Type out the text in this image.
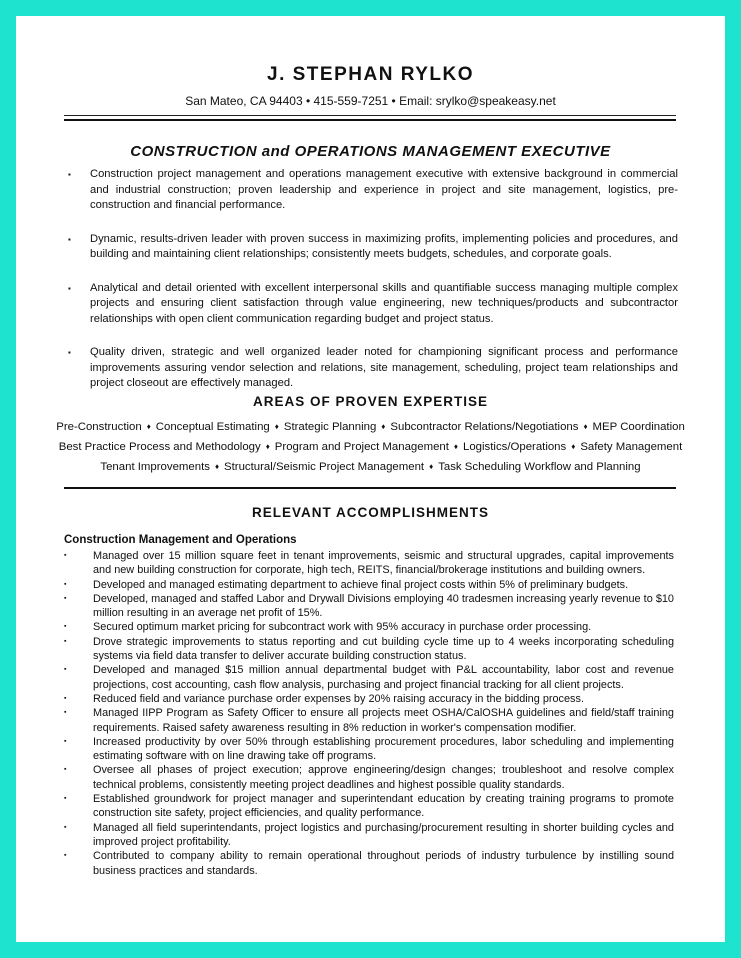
J. STEPHAN RYLKO
San Mateo, CA 94403 • 415-559-7251 • Email: srylko@speakeasy.net
CONSTRUCTION and OPERATIONS MANAGEMENT EXECUTIVE
▪ Construction project management and operations management executive with extensive background in commercial and industrial construction; proven leadership and experience in project and site management, logistics, pre-construction and financial performance.
▪ Dynamic, results-driven leader with proven success in maximizing profits, implementing policies and procedures, and building and maintaining client relationships; consistently meets budgets, schedules, and corporate goals.
▪ Analytical and detail oriented with excellent interpersonal skills and quantifiable success managing multiple complex projects and ensuring client satisfaction through value engineering, new techniques/products and subcontractor relationships with open client communication regarding budget and project status.
▪ Quality driven, strategic and well organized leader noted for championing significant process and performance improvements assuring vendor selection and relations, site management, scheduling, project team relationships and project closeout are effectively managed.
AREAS OF PROVEN EXPERTISE
Pre-Construction ♦ Conceptual Estimating ♦ Strategic Planning ♦ Subcontractor Relations/Negotiations ♦ MEP Coordination
Best Practice Process and Methodology ♦ Program and Project Management ♦ Logistics/Operations ♦ Safety Management
Tenant Improvements ♦ Structural/Seismic Project Management ♦ Task Scheduling Workflow and Planning
RELEVANT ACCOMPLISHMENTS
Construction Management and Operations
▪ Managed over 15 million square feet in tenant improvements, seismic and structural upgrades, capital improvements and new building construction for corporate, high tech, REITS, financial/brokerage institutions and building owners.
▪ Developed and managed estimating department to achieve final project costs within 5% of preliminary budgets.
▪ Developed, managed and staffed Labor and Drywall Divisions employing 40 tradesmen increasing yearly revenue to $10 million resulting in an average net profit of 15%.
▪ Secured optimum market pricing for subcontract work with 95% accuracy in purchase order processing.
▪ Drove strategic improvements to status reporting and cut building cycle time up to 4 weeks incorporating scheduling systems via field data transfer to deliver accurate building construction status.
▪ Developed and managed $15 million annual departmental budget with P&L accountability, labor cost and revenue projections, cost accounting, cash flow analysis, purchasing and project financial tracking for all client projects.
▪ Reduced field and variance purchase order expenses by 20% raising accuracy in the bidding process.
▪ Managed IIPP Program as Safety Officer to ensure all projects meet OSHA/CalOSHA guidelines and field/staff training requirements. Raised safety awareness resulting in 8% reduction in worker's compensation modifier.
▪ Increased productivity by over 50% through establishing procurement procedures, labor scheduling and implementing estimating software with on line drawing take off programs.
▪ Oversee all phases of project execution; approve engineering/design changes; troubleshoot and resolve complex technical problems, consistently meeting project deadlines and highest possible quality standards.
▪ Established groundwork for project manager and superintendant education by creating training programs to promote construction site safety, project efficiencies, and quality performance.
▪ Managed all field superintendants, project logistics and purchasing/procurement resulting in shorter building cycles and improved project profitability.
▪ Contributed to company ability to remain operational throughout periods of industry turbulence by instilling sound business practices and standards.
